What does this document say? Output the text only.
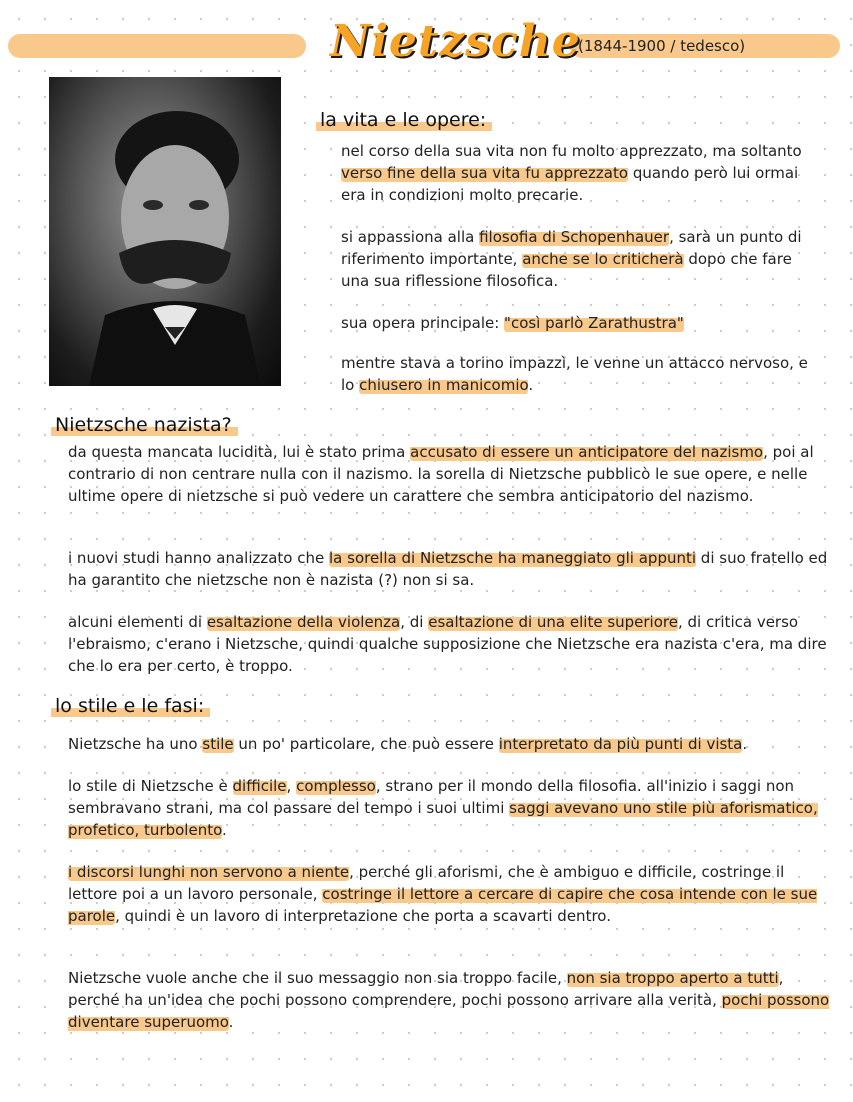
Nietzsche
(1844-1900 / tedesco)
la vita e le opere:

nel corso della sua vita non fu molto apprezzato, ma soltanto verso fine della sua vita fu apprezzato quando però lui ormai era in condizioni molto precarie.

si appassiona alla filosofia di Schopenhauer, sarà un punto di riferimento importante, anche se lo criticherà dopo che fare una sua riflessione filosofica.

sua opera principale: "così parlò Zarathustra"

mentre stava a torino impazzì, le venne un attacco nervoso, e lo chiusero in manicomio.

Nietzsche nazista?

da questa mancata lucidità, lui è stato prima accusato di essere un anticipatore del nazismo, poi al contrario di non centrare nulla con il nazismo. la sorella di Nietzsche pubblicò le sue opere, e nelle ultime opere di nietzsche si può vedere un carattere che sembra anticipatorio del nazismo.

i nuovi studi hanno analizzato che la sorella di Nietzsche ha maneggiato gli appunti di suo fratello ed ha garantito che nietzsche non è nazista (?) non si sa.

alcuni elementi di esaltazione della violenza, di esaltazione di una elite superiore, di critica verso l'ebraismo, c'erano i Nietzsche, quindi qualche supposizione che Nietzsche era nazista c'era, ma dire che lo era per certo, è troppo.

lo stile e le fasi:

Nietzsche ha uno stile un po' particolare, che può essere interpretato da più punti di vista.

lo stile di Nietzsche è difficile, complesso, strano per il mondo della filosofia. all'inizio i saggi non sembravano strani, ma col passare del tempo i suoi ultimi saggi avevano uno stile più aforismatico, profetico, turbolento.

i discorsi lunghi non servono a niente, perché gli aforismi, che è ambiguo e difficile, costringe il lettore poi a un lavoro personale, costringe il lettore a cercare di capire che cosa intende con le sue parole, quindi è un lavoro di interpretazione che porta a scavarti dentro.

Nietzsche vuole anche che il suo messaggio non sia troppo facile, non sia troppo aperto a tutti, perché ha un'idea che pochi possono comprendere, pochi possono arrivare alla verità, pochi possono diventare superuomo.
